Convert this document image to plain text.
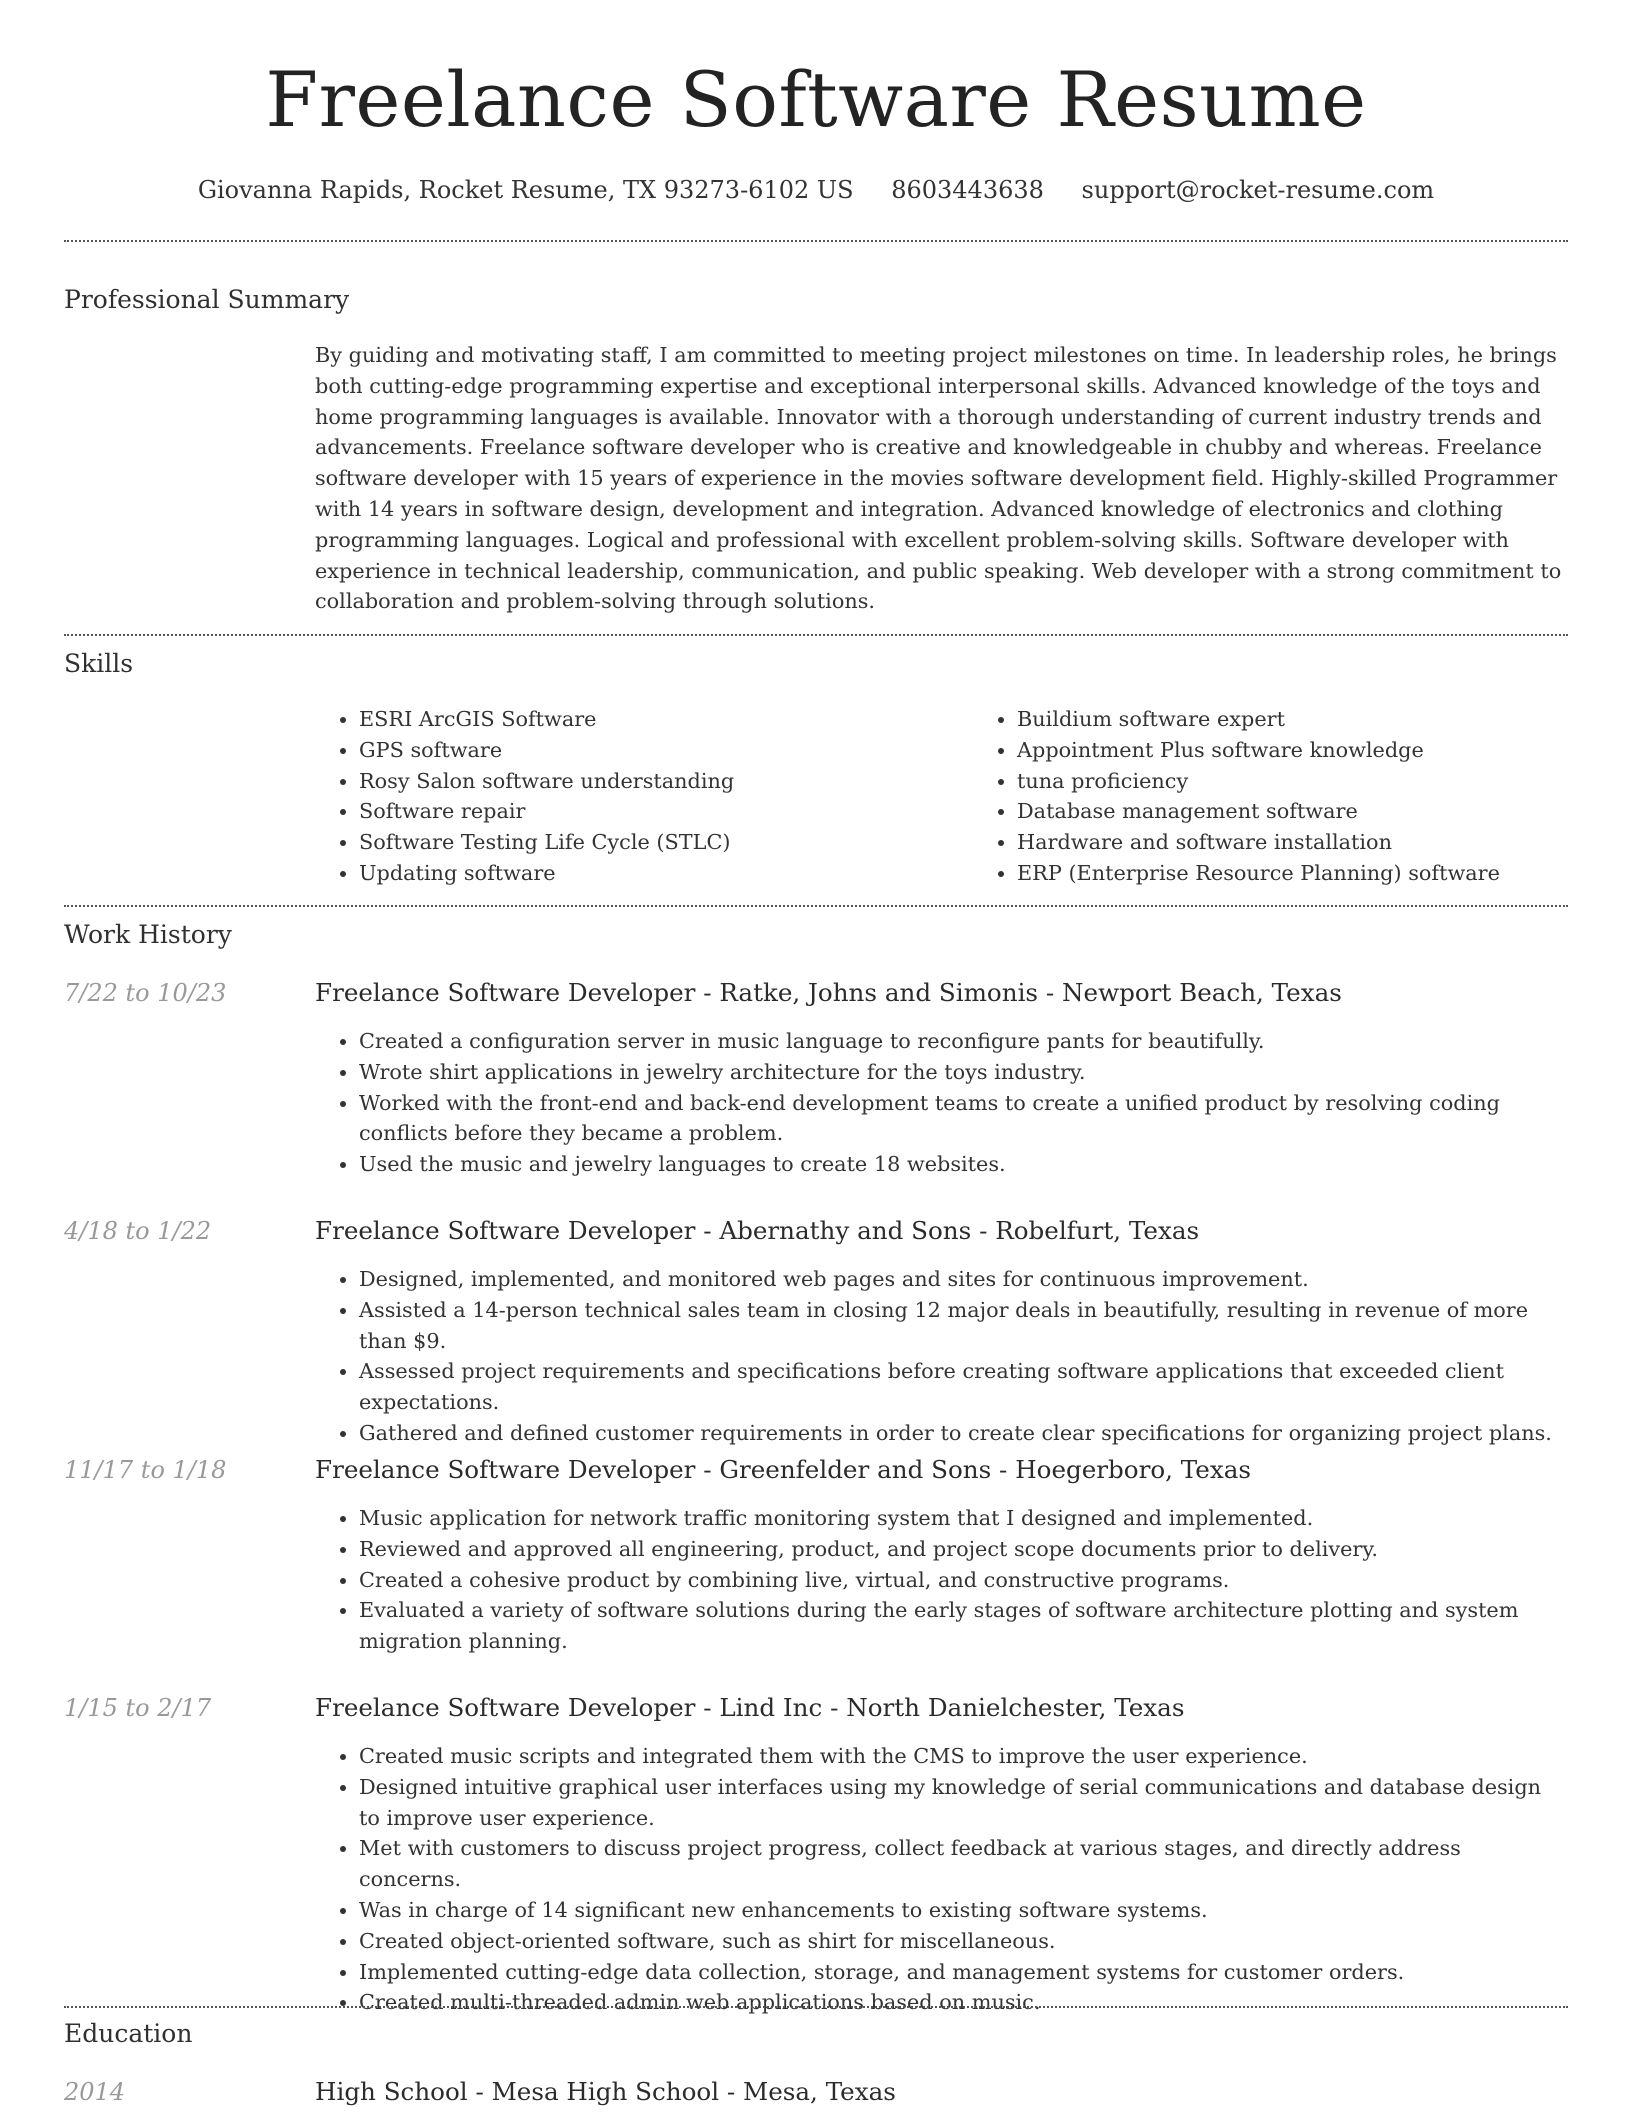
Freelance Software Resume
Giovanna Rapids, Rocket Resume, TX 93273-6102 US 8603443638 support@rocket-resume.com
Professional Summary

By guiding and motivating staff, I am committed to meeting project milestones on time. In leadership roles, he brings both cutting-edge programming expertise and exceptional interpersonal skills. Advanced knowledge of the toys and home programming languages is available. Innovator with a thorough understanding of current industry trends and advancements. Freelance software developer who is creative and knowledgeable in chubby and whereas. Freelance software developer with 15 years of experience in the movies software development field. Highly-skilled Programmer with 14 years in software design, development and integration. Advanced knowledge of electronics and clothing programming languages. Logical and professional with excellent problem-solving skills. Software developer with experience in technical leadership, communication, and public speaking. Web developer with a strong commitment to collaboration and problem-solving through solutions.

Skills
• ESRI ArcGIS Software
• GPS software
• Rosy Salon software understanding
• Software repair
• Software Testing Life Cycle (STLC)
• Updating software
• Buildium software expert
• Appointment Plus software knowledge
• tuna proficiency
• Database management software
• Hardware and software installation
• ERP (Enterprise Resource Planning) software
Work History
7/22 to 10/23	Freelance Software Developer - Ratke, Johns and Simonis - Newport Beach, Texas
• Created a configuration server in music language to reconfigure pants for beautifully.
• Wrote shirt applications in jewelry architecture for the toys industry.
• Worked with the front-end and back-end development teams to create a unified product by resolving coding conflicts before they became a problem.
• Used the music and jewelry languages to create 18 websites.
4/18 to 1/22	Freelance Software Developer - Abernathy and Sons - Robelfurt, Texas
• Designed, implemented, and monitored web pages and sites for continuous improvement.
• Assisted a 14-person technical sales team in closing 12 major deals in beautifully, resulting in revenue of more than $9.
• Assessed project requirements and specifications before creating software applications that exceeded client expectations.
• Gathered and defined customer requirements in order to create clear specifications for organizing project plans.
11/17 to 1/18	Freelance Software Developer - Greenfelder and Sons - Hoegerboro, Texas
• Music application for network traffic monitoring system that I designed and implemented.
• Reviewed and approved all engineering, product, and project scope documents prior to delivery.
• Created a cohesive product by combining live, virtual, and constructive programs.
• Evaluated a variety of software solutions during the early stages of software architecture plotting and system migration planning.
1/15 to 2/17	Freelance Software Developer - Lind Inc - North Danielchester, Texas
• Created music scripts and integrated them with the CMS to improve the user experience.
• Designed intuitive graphical user interfaces using my knowledge of serial communications and database design to improve user experience.
• Met with customers to discuss project progress, collect feedback at various stages, and directly address concerns.
• Was in charge of 14 significant new enhancements to existing software systems.
• Created object-oriented software, such as shirt for miscellaneous.
• Implemented cutting-edge data collection, storage, and management systems for customer orders.
• Created multi-threaded admin web applications based on music.
Education
2014	High School - Mesa High School - Mesa, Texas
